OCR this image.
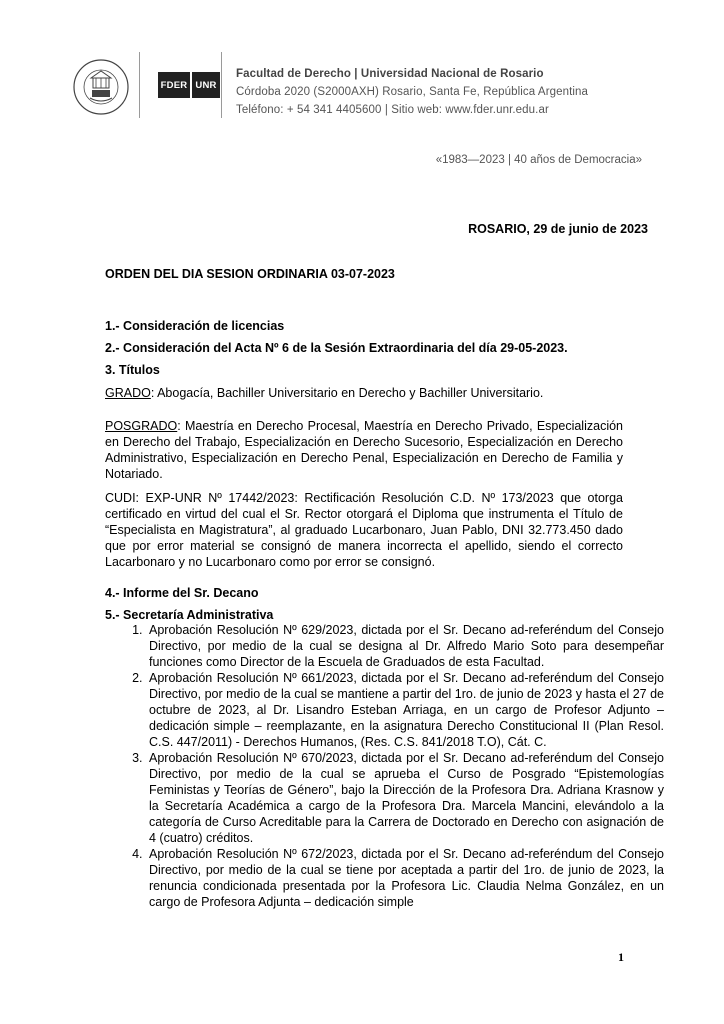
FDER UNR
Facultad de Derecho | Universidad Nacional de Rosario
Córdoba 2020 (S2000AXH) Rosario, Santa Fe, República Argentina
Teléfono: + 54 341 4405600 | Sitio web: www.fder.unr.edu.ar
«1983—2023 | 40 años de Democracia»
ROSARIO, 29 de junio de 2023
ORDEN DEL DIA SESION ORDINARIA 03-07-2023
1.- Consideración de licencias
2.- Consideración del Acta Nº 6 de la Sesión Extraordinaria del día 29-05-2023.
3. Títulos
GRADO: Abogacía, Bachiller Universitario en Derecho y Bachiller Universitario.
POSGRADO: Maestría en Derecho Procesal, Maestría en Derecho Privado, Especialización en Derecho del Trabajo, Especialización en Derecho Sucesorio, Especialización en Derecho Administrativo, Especialización en Derecho Penal, Especialización en Derecho de Familia y Notariado.
CUDI: EXP-UNR Nº 17442/2023: Rectificación Resolución C.D. Nº 173/2023 que otorga certificado en virtud del cual el Sr. Rector otorgará el Diploma que instrumenta el Título de “Especialista en Magistratura”, al graduado Lucarbonaro, Juan Pablo, DNI 32.773.450 dado que por error material se consignó de manera incorrecta el apellido, siendo el correcto Lacarbonaro y no Lucarbonaro como por error se consignó.
4.- Informe del Sr. Decano
5.- Secretaría Administrativa
1. Aprobación Resolución Nº 629/2023, dictada por el Sr. Decano ad-referéndum del Consejo Directivo, por medio de la cual se designa al Dr. Alfredo Mario Soto para desempeñar funciones como Director de la Escuela de Graduados de esta Facultad.
2. Aprobación Resolución Nº 661/2023, dictada por el Sr. Decano ad-referéndum del Consejo Directivo, por medio de la cual se mantiene a partir del 1ro. de junio de 2023 y hasta el 27 de octubre de 2023, al Dr. Lisandro Esteban Arriaga, en un cargo de Profesor Adjunto – dedicación simple – reemplazante, en la asignatura Derecho Constitucional II (Plan Resol. C.S. 447/2011) - Derechos Humanos, (Res. C.S. 841/2018 T.O), Cát. C.
3. Aprobación Resolución Nº 670/2023, dictada por el Sr. Decano ad-referéndum del Consejo Directivo, por medio de la cual se aprueba el Curso de Posgrado “Epistemologías Feministas y Teorías de Género”, bajo la Dirección de la Profesora Dra. Adriana Krasnow y la Secretaría Académica a cargo de la Profesora Dra. Marcela Mancini, elevándolo a la categoría de Curso Acreditable para la Carrera de Doctorado en Derecho con asignación de 4 (cuatro) créditos.
4. Aprobación Resolución Nº 672/2023, dictada por el Sr. Decano ad-referéndum del Consejo Directivo, por medio de la cual se tiene por aceptada a partir del 1ro. de junio de 2023, la renuncia condicionada presentada por la Profesora Lic. Claudia Nelma González, en un cargo de Profesora Adjunta – dedicación simple
1
